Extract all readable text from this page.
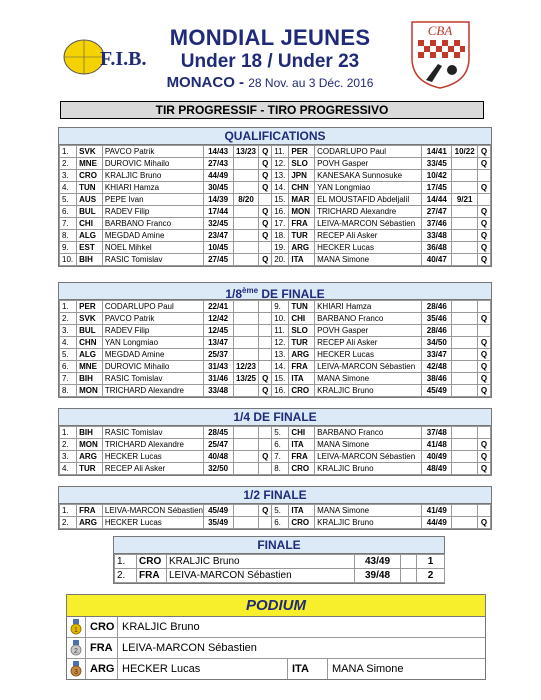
F.I.B.
MONDIAL JEUNES
Under 18 / Under 23
MONACO - 28 Nov. au 3 Déc. 2016
CBA
TIR PROGRESSIF - TIRO PROGRESSIVO
QUALIFICATIONS
1.	SVK	PAVCO Patrik	14/43	13/23	Q	11.	PER	CODARLUPO Paul	14/41	10/22	Q
2.	MNE	DUROVIC Mihailo	27/43		Q	12.	SLO	POVH Gasper	33/45		Q
3.	CRO	KRALJIC Bruno	44/49		Q	13.	JPN	KANESAKA Sunnosuke	10/42		
4.	TUN	KHIARI Hamza	30/45		Q	14.	CHN	YAN Longmiao	17/45		Q
5.	AUS	PEPE Ivan	14/39	8/20		15.	MAR	EL MOUSTAFID Abdeljalil	14/44	9/21	
6.	BUL	RADEV Filip	17/44		Q	16.	MON	TRICHARD Alexandre	27/47		Q
7.	CHI	BARBANO Franco	32/45		Q	17.	FRA	LEIVA-MARCON Sébastien	37/46		Q
8.	ALG	MEGDAD Amine	23/47		Q	18.	TUR	RECEP Ali Asker	33/48		Q
9.	EST	NOEL Mihkel	10/45			19.	ARG	HECKER Lucas	36/48		Q
10.	BIH	RASIC Tomislav	27/45		Q	20.	ITA	MANA Simone	40/47		Q
1/8ème DE FINALE
1.	PER	CODARLUPO Paul	22/41			9.	TUN	KHIARI Hamza	28/46		
2.	SVK	PAVCO Patrik	12/42			10.	CHI	BARBANO Franco	35/46		Q
3.	BUL	RADEV Filip	12/45			11.	SLO	POVH Gasper	28/46		
4.	CHN	YAN Longmiao	13/47			12.	TUR	RECEP Ali Asker	34/50		Q
5.	ALG	MEGDAD Amine	25/37			13.	ARG	HECKER Lucas	33/47		Q
6.	MNE	DUROVIC Mihailo	31/43	12/23		14.	FRA	LEIVA-MARCON Sébastien	42/48		Q
7.	BIH	RASIC Tomislav	31/46	13/25	Q	15.	ITA	MANA Simone	38/46		Q
8.	MON	TRICHARD Alexandre	33/48		Q	16.	CRO	KRALJIC Bruno	45/49		Q
1/4 DE FINALE
1.	BIH	RASIC Tomislav	28/45			5.	CHI	BARBANO Franco	37/48		
2.	MON	TRICHARD Alexandre	25/47			6.	ITA	MANA Simone	41/48		Q
3.	ARG	HECKER Lucas	40/48		Q	7.	FRA	LEIVA-MARCON Sébastien	40/49		Q
4.	TUR	RECEP Ali Asker	32/50			8.	CRO	KRALJIC Bruno	48/49		Q
1/2 FINALE
1.	FRA	LEIVA-MARCON Sébastien	45/49		Q	5.	ITA	MANA Simone	41/49		
2.	ARG	HECKER Lucas	35/49			6.	CRO	KRALJIC Bruno	44/49		Q
FINALE
1.	CRO	KRALJIC Bruno	43/49		1
2.	FRA	LEIVA-MARCON Sébastien	39/48		2
PODIUM
1	CRO KRALJIC Bruno
2	FRA LEIVA-MARCON Sébastien
3	ARG HECKER Lucas	ITA	MANA Simone
